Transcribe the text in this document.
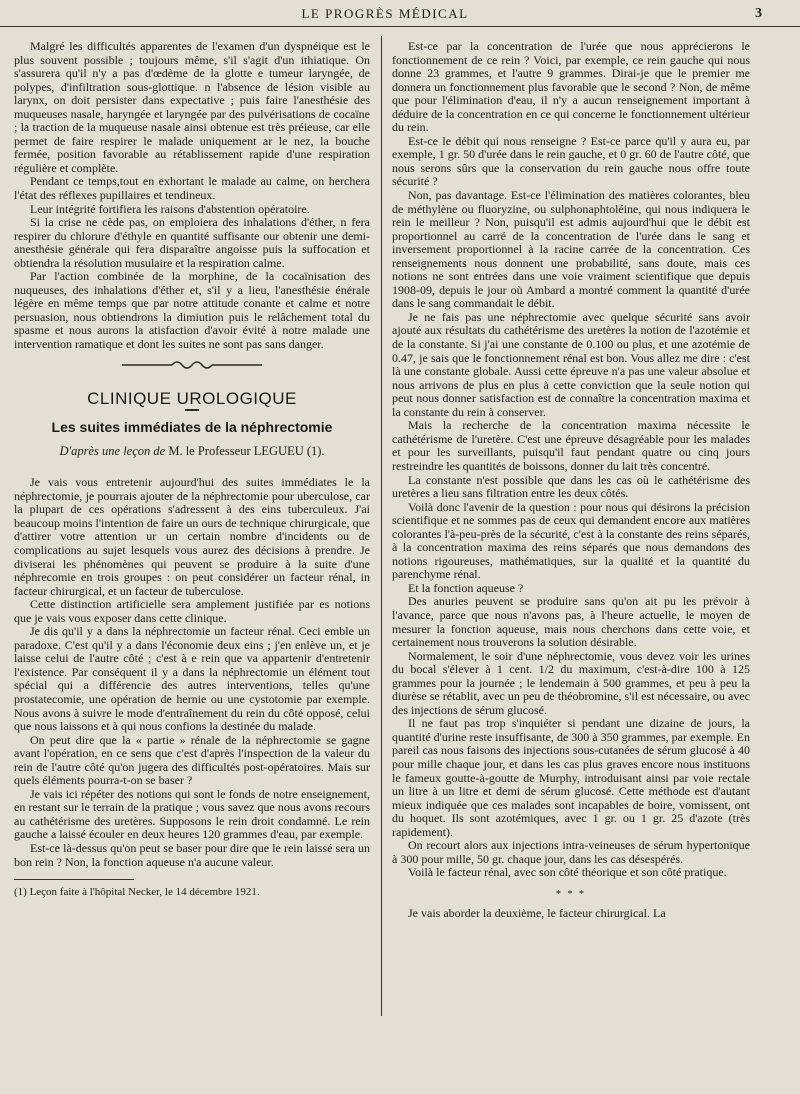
LE PROGRÈS MÉDICAL	3

Malgré les difficultés apparentes de l'examen d'un dyspnéique est le plus souvent possible ; toujours même, s'il s'agit d'un ithiatique. On s'assurera qu'il n'y a pas d'œdème de la glotte e tumeur laryngée, de polypes, d'infiltration sous-glottique. n l'absence de lésion visible au larynx, on doit persister dans expectative ; puis faire l'anesthésie des muqueuses nasale, haryngée et laryngée par des pulvérisations de cocaïne ; la traction de la muqueuse nasale ainsi obtenue est très préieuse, car elle permet de faire respirer le malade uniquement ar le nez, la bouche fermée, position favorable au rétablissement rapide d'une respiration régulière et complète.

Pendant ce temps,tout en exhortant le malade au calme, on herchera l'état des réflexes pupillaires et tendineux.

Leur intégrité fortifiera les raisons d'abstention opératoire.

Si la crise ne cède pas, on emploiera des inhalations d'éther, n fera respirer du chlorure d'éthyle en quantité suffisante our obtenir une demi-anesthésie générale qui fera disparaître angoisse puis la suffocation et obtiendra la résolution musulaire et la respiration calme.

Par l'action combinée de la morphine, de la cocaïnisation des nuqueuses, des inhalations d'éther et, s'il y a lieu, l'anesthésie énérale légère en même temps que par notre attitude conante et calme et notre persuasion, nous obtiendrons la dimiution puis le relâchement total du spasme et nous aurons la atisfaction d'avoir évité à notre malade une intervention ramatique et dont les suites ne sont pas sans danger.

CLINIQUE UROLOGIQUE
Les suites immédiates de la néphrectomie
D'après une leçon de M. le Professeur LEGUEU (1).

Je vais vous entretenir aujourd'hui des suites immédiates le la néphrectomie, je pourrais ajouter de la néphrectomie pour uberculose, car la plupart de ces opérations s'adressent à des eins tuberculeux. J'ai beaucoup moins l'intention de faire un ours de technique chirurgicale, que d'attirer votre attention ur un certain nombre d'incidents ou de complications au sujet lesquels vous aurez des décisions à prendre. Je diviserai les phénomènes qui peuvent se produire à la suite d'une néphrecomie en trois groupes : on peut considérer un facteur rénal, in facteur chirurgical, et un facteur de tuberculose.

Cette distinction artificielle sera amplement justifiée par es notions que je vais vous exposer dans cette clinique.

Je dis qu'il y a dans la néphrectomie un facteur rénal. Ceci emble un paradoxe. C'est qu'il y a dans l'économie deux eins ; j'en enlève un, et je laisse celui de l'autre côté ; c'est à e rein que va appartenir d'entretenir l'existence. Par conséquent il y a dans la néphrectomie un élément tout spécial qui a différencie des autres interventions, telles qu'une prostatecomie, une opération de hernie ou une cystotomie par exemple. Nous avons à suivre le mode d'entraînement du rein du côté opposé, celui que nous laissons et à qui nous confions la destinée du malade.

On peut dire que la « partie » rénale de la néphrectomie se gagne avant l'opération, en ce sens que c'est d'après l'inspection de la valeur du rein de l'autre côté qu'on jugera des difficultés post-opératoires. Mais sur quels éléments pourra-t-on se baser ?

Je vais ici répéter des notions qui sont le fonds de notre enseignement, en restant sur le terrain de la pratique ; vous savez que nous avons recours au cathétérisme des uretères. Supposons le rein droit condamné. Le rein gauche a laissé écouler en deux heures 120 grammes d'eau, par exemple.

Est-ce là-dessus qu'on peut se baser pour dire que le rein laissé sera un bon rein ? Non, la fonction aqueuse n'a aucune valeur.

(1) Leçon faite à l'hôpital Necker, le 14 décembre 1921.

Est-ce par la concentration de l'urée que nous apprécierons le fonctionnement de ce rein ? Voici, par exemple, ce rein gauche qui nous donne 23 grammes, et l'autre 9 grammes. Dirai-je que le premier me donnera un fonctionnement plus favorable que le second ? Non, de même que pour l'élimination d'eau, il n'y a aucun renseignement important à déduire de la concentration en ce qui concerne le fonctionnement ultérieur du rein.

Est-ce le débit qui nous renseigne ? Est-ce parce qu'il y aura eu, par exemple, 1 gr. 50 d'urée dans le rein gauche, et 0 gr. 60 de l'autre côté, que nous serons sûrs que la conservation du rein gauche nous offre toute sécurité ?

Non, pas davantage. Est-ce l'élimination des matières colorantes, bleu de méthylène ou fluoryzine, ou sulphonaphtoléine, qui nous indiquera le rein le meilleur ? Non, puisqu'il est admis aujourd'hui que le débit est proportionnel au carré de la concentration de l'urée dans le sang et inversement proportionnel à la racine carrée de la concentration. Ces renseignements nous donnent une probabilité, sans doute, mais ces notions ne sont entrées dans une voie vraiment scientifique que depuis 1908-09, depuis le jour où Ambard a montré comment la quantité d'urée dans le sang commandait le débit.

Je ne fais pas une néphrectomie avec quelque sécurité sans avoir ajouté aux résultats du cathétérisme des uretères la notion de l'azotémie et de la constante. Si j'ai une constante de 0.100 ou plus, et une azotémie de 0.47, je sais que le fonctionnement rénal est bon. Vous allez me dire : c'est là une constante globale. Aussi cette épreuve n'a pas une valeur absolue et nous arrivons de plus en plus à cette conviction que la seule notion qui peut nous donner satisfaction est de connaître la concentration maxima et la constante du rein à conserver.

Mais la recherche de la concentration maxima nécessite le cathétérisme de l'uretère. C'est une épreuve désagréable pour les malades et pour les surveillants, puisqu'il faut pendant quatre ou cinq jours restreindre les quantités de boissons, donner du lait très concentré.

La constante n'est possible que dans les cas où le cathétérisme des uretères a lieu sans filtration entre les deux côtés.

Voilà donc l'avenir de la question : pour nous qui désirons la précision scientifique et ne sommes pas de ceux qui demandent encore aux matières colorantes l'à-peu-près de la sécurité, c'est à la constante des reins séparés, à la concentration maxima des reins séparés que nous demandons des notions rigoureuses, mathématiques, sur la qualité et la quantité du parenchyme rénal.

Et la fonction aqueuse ?

Des anuries peuvent se produire sans qu'on ait pu les prévoir à l'avance, parce que nous n'avons pas, à l'heure actuelle, le moyen de mesurer la fonction aqueuse, mais nous cherchons dans cette voie, et certainement nous trouverons la solution désirable.

Normalement, le soir d'une néphrectomie, vous devez voir les urines du bocal s'élever à 1 cent. 1/2 du maximum, c'est-à-dire 100 à 125 grammes pour la journée ; le lendemain à 500 grammes, et peu à peu la diurèse se rétablit, avec un peu de théobromine, s'il est nécessaire, ou avec des injections de sérum glucosé.

Il ne faut pas trop s'inquiéter si pendant une dizaine de jours, la quantité d'urine reste insuffisante, de 300 à 350 grammes, par exemple. En pareil cas nous faisons des injections sous-cutanées de sérum glucosé à 40 pour mille chaque jour, et dans les cas plus graves encore nous instituons le fameux goutte-à-goutte de Murphy, introduisant ainsi par voie rectale un litre à un litre et demi de sérum glucosé. Cette méthode est d'autant mieux indiquée que ces malades sont incapables de boire, vomissent, ont du hoquet. Ils sont azotémiques, avec 1 gr. ou 1 gr. 25 d'azote (très rapidement).

On recourt alors aux injections intra-veineuses de sérum hypertonique à 300 pour mille, 50 gr. chaque jour, dans les cas désespérés.

Voilà le facteur rénal, avec son côté théorique et son côté pratique.

* * *

Je vais aborder la deuxième, le facteur chirurgical. La
